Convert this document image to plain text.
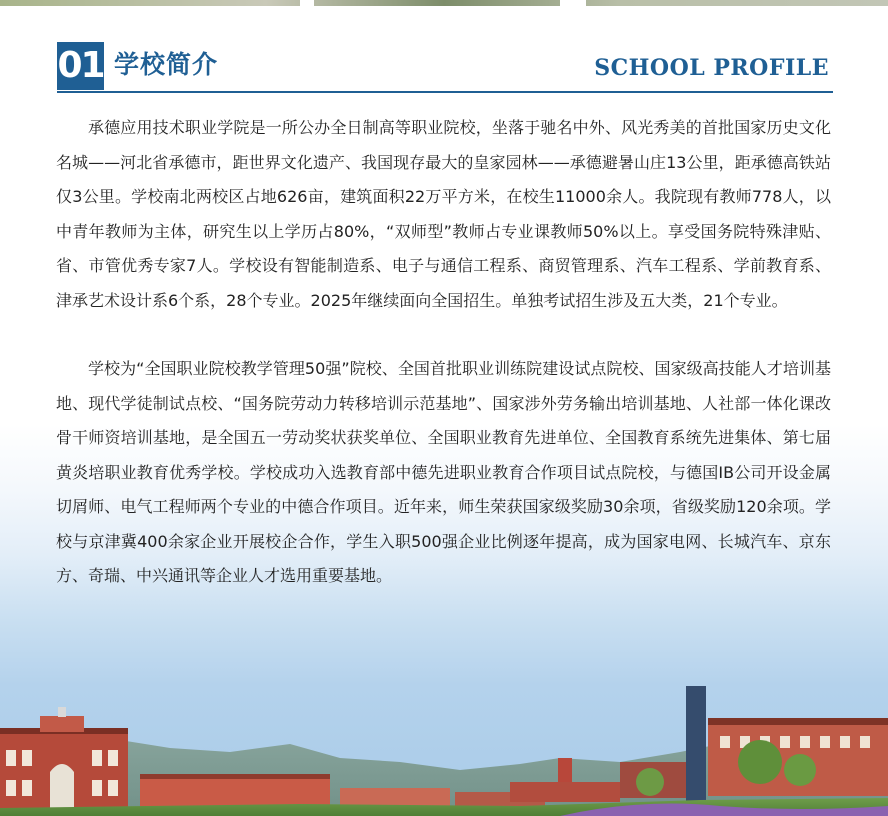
01 学校简介	SCHOOL PROFILE

承德应用技术职业学院是一所公办全日制高等职业院校，坐落于驰名中外、风光秀美的首批国家历史文化名城——河北省承德市，距世界文化遗产、我国现存最大的皇家园林——承德避暑山庄13公里，距承德高铁站仅3公里。学校南北两校区占地626亩，建筑面积22万平方米，在校生11000余人。我院现有教师778人，以中青年教师为主体，研究生以上学历占80%，“双师型”教师占专业课教师50%以上。享受国务院特殊津贴、省、市管优秀专家7人。学校设有智能制造系、电子与通信工程系、商贸管理系、汽车工程系、学前教育系、津承艺术设计系6个系，28个专业。2025年继续面向全国招生。单独考试招生涉及五大类，21个专业。

学校为“全国职业院校教学管理50强”院校、全国首批职业训练院建设试点院校、国家级高技能人才培训基地、现代学徒制试点校、“国务院劳动力转移培训示范基地”、国家涉外劳务输出培训基地、人社部一体化课改骨干师资培训基地，是全国五一劳动奖状获奖单位、全国职业教育先进单位、全国教育系统先进集体、第七届黄炎培职业教育优秀学校。学校成功入选教育部中德先进职业教育合作项目试点院校，与德国IB公司开设金属切屑师、电气工程师两个专业的中德合作项目。近年来，师生荣获国家级奖励30余项，省级奖励120余项。学校与京津冀400余家企业开展校企合作，学生入职500强企业比例逐年提高，成为国家电网、长城汽车、京东方、奇瑞、中兴通讯等企业人才选用重要基地。
